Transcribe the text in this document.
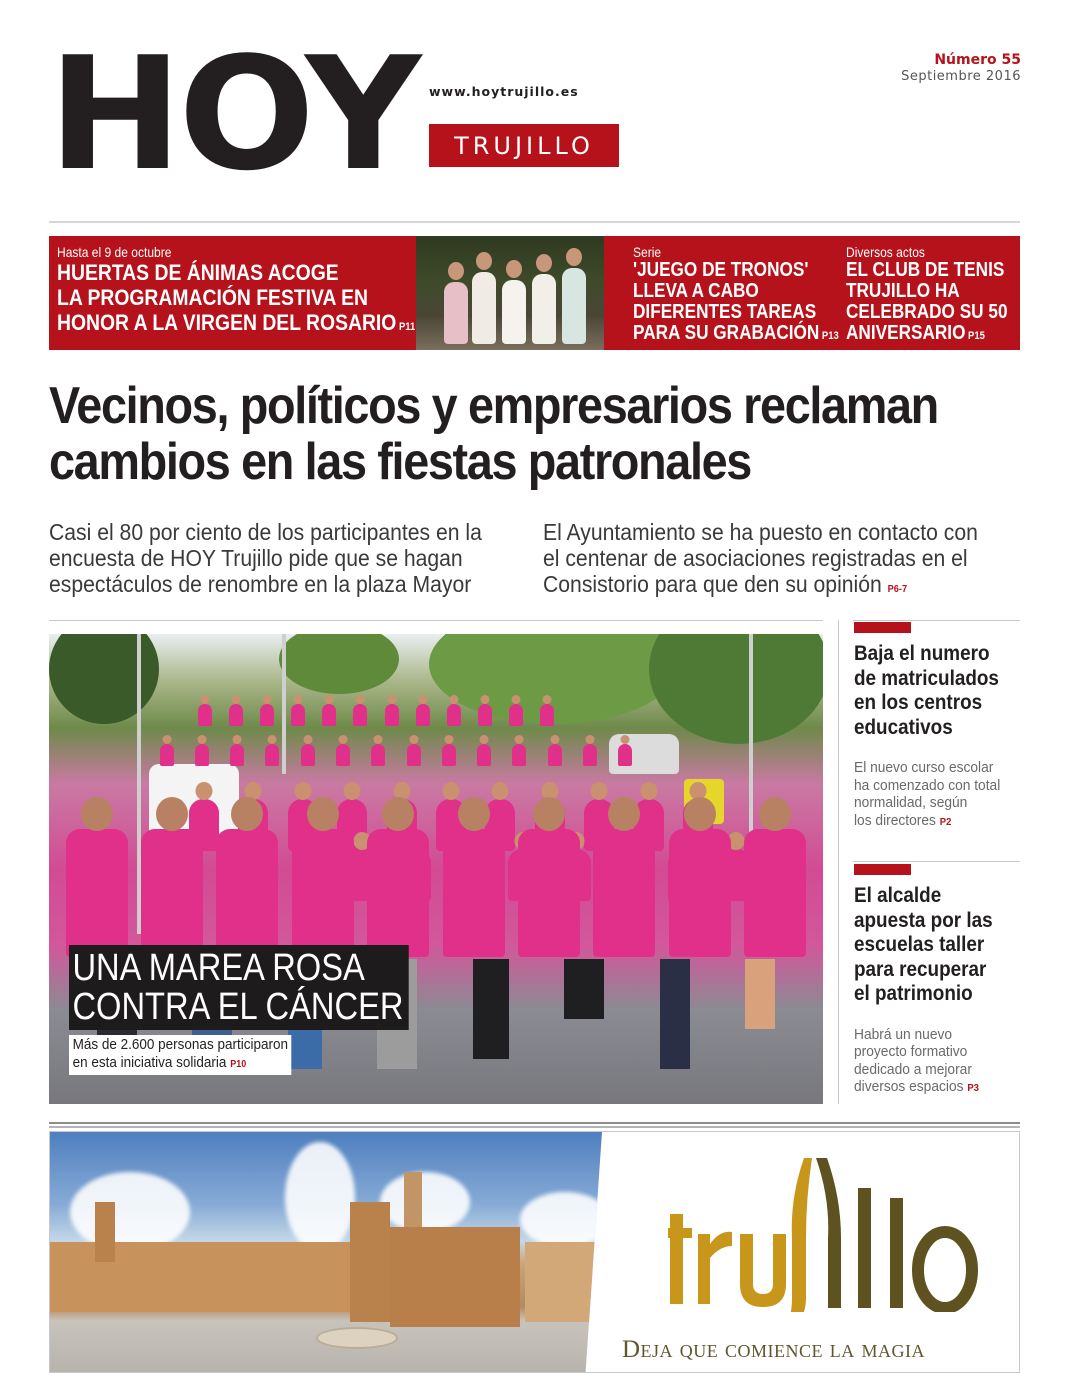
HOY www.hoytrujillo.es
TRUJILLO
Número 55
Septiembre 2016
Hasta el 9 de octubre
HUERTAS DE ÁNIMAS ACOGE
LA PROGRAMACIÓN FESTIVA EN
HONOR A LA VIRGEN DEL ROSARIO P11
Serie
'JUEGO DE TRONOS'
LLEVA A CABO
DIFERENTES TAREAS
PARA SU GRABACIÓN P13
Diversos actos
EL CLUB DE TENIS
TRUJILLO HA
CELEBRADO SU 50
ANIVERSARIO P15
Vecinos, políticos y empresarios reclaman
cambios en las fiestas patronales
Casi el 80 por ciento de los participantes en la
encuesta de HOY Trujillo pide que se hagan
espectáculos de renombre en la plaza Mayor
El Ayuntamiento se ha puesto en contacto con
el centenar de asociaciones registradas en el
Consistorio para que den su opinión P6-7
UNA MAREA ROSA
CONTRA EL CÁNCER
Más de 2.600 personas participaron
en esta iniciativa solidaria P10
Baja el numero
de matriculados
en los centros
educativos
El nuevo curso escolar
ha comenzado con total
normalidad, según
los directores P2
El alcalde
apuesta por las
escuelas taller
para recuperar
el patrimonio
Habrá un nuevo
proyecto formativo
dedicado a mejorar
diversos espacios P3
Deja que comience la magia
